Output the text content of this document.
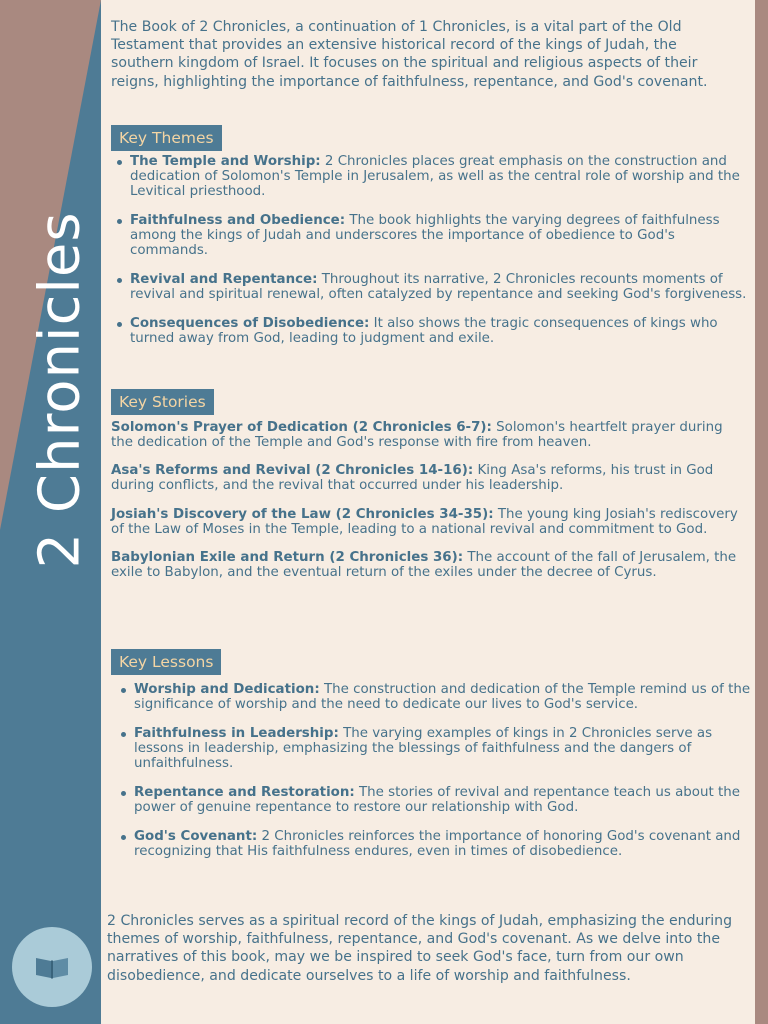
2 Chronicles
The Book of 2 Chronicles, a continuation of 1 Chronicles, is a vital part of the Old Testament that provides an extensive historical record of the kings of Judah, the southern kingdom of Israel. It focuses on the spiritual and religious aspects of their reigns, highlighting the importance of faithfulness, repentance, and God's covenant.
Key Themes
The Temple and Worship: 2 Chronicles places great emphasis on the construction and dedication of Solomon's Temple in Jerusalem, as well as the central role of worship and the Levitical priesthood.
Faithfulness and Obedience: The book highlights the varying degrees of faithfulness among the kings of Judah and underscores the importance of obedience to God's commands.
Revival and Repentance: Throughout its narrative, 2 Chronicles recounts moments of revival and spiritual renewal, often catalyzed by repentance and seeking God's forgiveness.
Consequences of Disobedience: It also shows the tragic consequences of kings who turned away from God, leading to judgment and exile.
Key Stories
Solomon's Prayer of Dedication (2 Chronicles 6-7): Solomon's heartfelt prayer during the dedication of the Temple and God's response with fire from heaven.
Asa's Reforms and Revival (2 Chronicles 14-16): King Asa's reforms, his trust in God during conflicts, and the revival that occurred under his leadership.
Josiah's Discovery of the Law (2 Chronicles 34-35): The young king Josiah's rediscovery of the Law of Moses in the Temple, leading to a national revival and commitment to God.
Babylonian Exile and Return (2 Chronicles 36): The account of the fall of Jerusalem, the exile to Babylon, and the eventual return of the exiles under the decree of Cyrus.
Key Lessons
Worship and Dedication: The construction and dedication of the Temple remind us of the significance of worship and the need to dedicate our lives to God's service.
Faithfulness in Leadership: The varying examples of kings in 2 Chronicles serve as lessons in leadership, emphasizing the blessings of faithfulness and the dangers of unfaithfulness.
Repentance and Restoration: The stories of revival and repentance teach us about the power of genuine repentance to restore our relationship with God.
God's Covenant: 2 Chronicles reinforces the importance of honoring God's covenant and recognizing that His faithfulness endures, even in times of disobedience.
2 Chronicles serves as a spiritual record of the kings of Judah, emphasizing the enduring themes of worship, faithfulness, repentance, and God's covenant. As we delve into the narratives of this book, may we be inspired to seek God's face, turn from our own disobedience, and dedicate ourselves to a life of worship and faithfulness.
